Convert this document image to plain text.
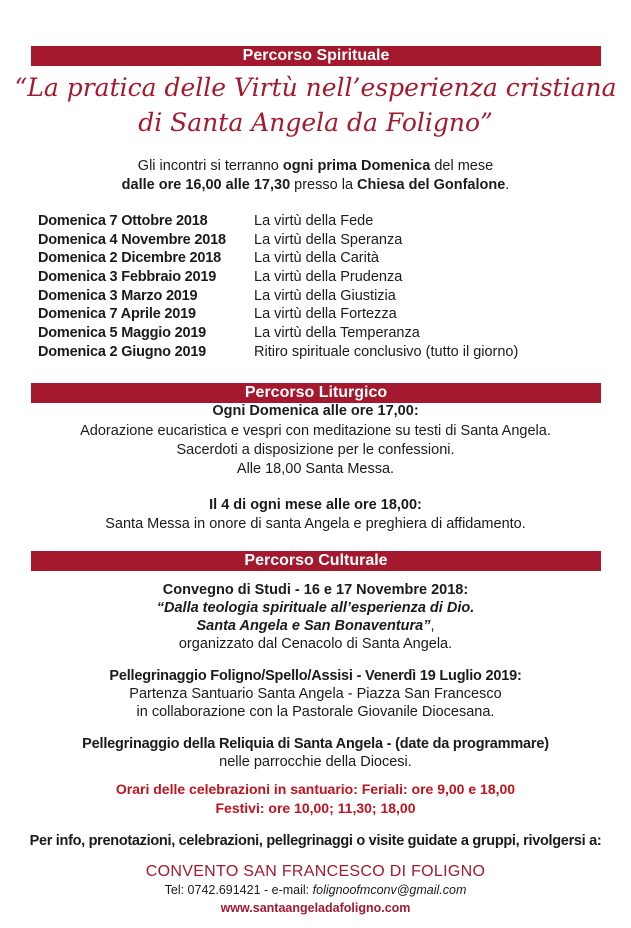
Percorso Spirituale
“La pratica delle Virtù nell’esperienza cristiana
di Santa Angela da Foligno”
Gli incontri si terranno ogni prima Domenica del mese
dalle ore 16,00 alle 17,30 presso la Chiesa del Gonfalone.
Domenica 7 Ottobre 2018	La virtù della Fede
Domenica 4 Novembre 2018	La virtù della Speranza
Domenica 2 Dicembre 2018	La virtù della Carità
Domenica 3 Febbraio 2019	La virtù della Prudenza
Domenica 3 Marzo 2019	La virtù della Giustizia
Domenica 7 Aprile 2019	La virtù della Fortezza
Domenica 5 Maggio 2019	La virtù della Temperanza
Domenica 2 Giugno 2019	Ritiro spirituale conclusivo (tutto il giorno)
Percorso Liturgico
Ogni Domenica alle ore 17,00:
Adorazione eucaristica e vespri con meditazione su testi di Santa Angela.
Sacerdoti a disposizione per le confessioni.
Alle 18,00 Santa Messa.
Il 4 di ogni mese alle ore 18,00:
Santa Messa in onore di santa Angela e preghiera di affidamento.
Percorso Culturale
Convegno di Studi - 16 e 17 Novembre 2018:
“Dalla teologia spirituale all’esperienza di Dio.
Santa Angela e San Bonaventura”,
organizzato dal Cenacolo di Santa Angela.
Pellegrinaggio Foligno/Spello/Assisi - Venerdì 19 Luglio 2019:
Partenza Santuario Santa Angela - Piazza San Francesco
in collaborazione con la Pastorale Giovanile Diocesana.
Pellegrinaggio della Reliquia di Santa Angela - (date da programmare)
nelle parrocchie della Diocesi.
Orari delle celebrazioni in santuario: Feriali: ore 9,00 e 18,00
Festivi: ore 10,00; 11,30; 18,00
Per info, prenotazioni, celebrazioni, pellegrinaggi o visite guidate a gruppi, rivolgersi a:
CONVENTO SAN FRANCESCO DI FOLIGNO
Tel: 0742.691421 - e-mail: folignoofmconv@gmail.com
www.santaangeladafoligno.com
